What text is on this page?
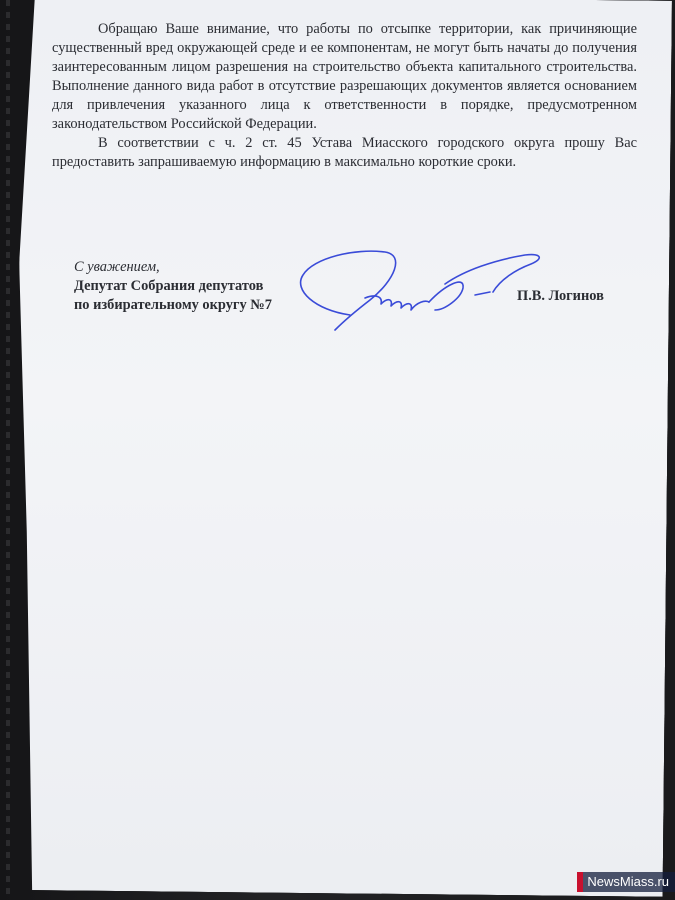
Обращаю Ваше внимание, что работы по отсыпке территории, как причиняющие существенный вред окружающей среде и ее компонентам, не могут быть начаты до получения заинтересованным лицом разрешения на строительство объекта капитального строительства. Выполнение данного вида работ в отсутствие разрешающих документов является основанием для привлечения указанного лица к ответственности в порядке, предусмотренном законодательством Российской Федерации.

В соответствии с ч. 2 ст. 45 Устава Миасского городского округа прошу Вас предоставить запрашиваемую информацию в максимально короткие сроки.

С уважением,
Депутат Собрания депутатов
по избирательному округу №7
П.В. Логинов
NewsMiass.ru
